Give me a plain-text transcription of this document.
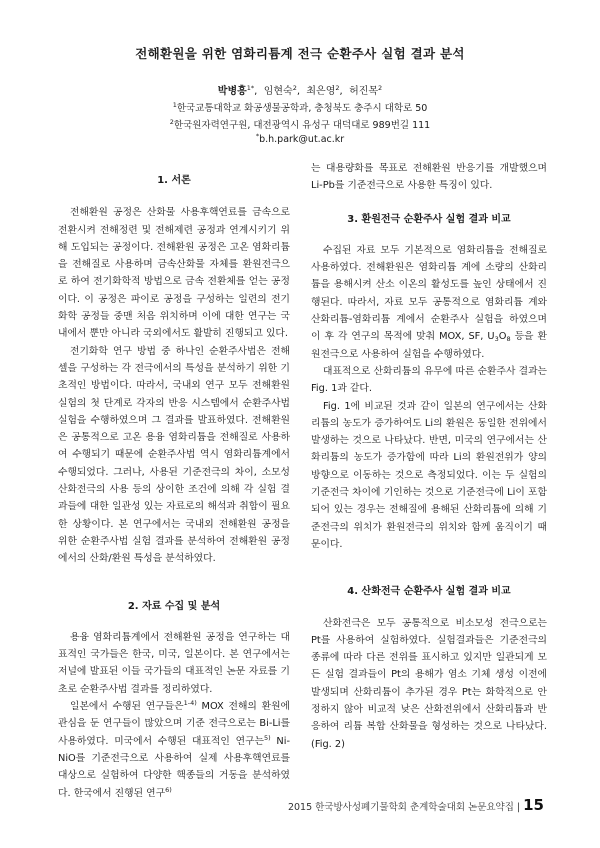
전해환원을 위한 염화리튬계 전극 순환주사 실험 결과 분석
박병흥$^{1*}$,  임현숙$^2$,  최은영$^2$,  허진목$^2$
$^1$한국교통대학교 화공생물공학과, 충청북도 충주시 대학로 50
$^2$한국원자력연구원, 대전광역시 유성구 대덕대로 989번길 111
*b.h.park@ut.ac.kr

1. 서론

전해환원 공정은 산화물 사용후핵연료를 금속으로 전환시켜 전해정련 및 전해제련 공정과 연계시키기 위해 도입되는 공정이다. 전해환원 공정은 고온 염화리튬을 전해질로 사용하며 금속산화물 자체를 환원전극으로 하여 전기화학적 방법으로 금속 전환체를 얻는 공정이다. 이 공정은 파이로 공정을 구성하는 일련의 전기화학 공정들 중맨 처음 위치하며 이에 대한 연구는 국내에서 뿐만 아니라 국외에서도 활발히 진행되고 있다.

전기화학 연구 방법 중 하나인 순환주사법은 전해 셀을 구성하는 각 전극에서의 특성을 분석하기 위한 기초적인 방법이다. 따라서, 국내외 연구 모두 전해환원 실험의 첫 단계로 각자의 반응 시스템에서 순환주사법 실험을 수행하였으며 그 결과를 발표하였다. 전해환원은 공통적으로 고온 용융 염화리튬을 전해질로 사용하여 수행되기 때문에 순환주사법 역시 염화리튬계에서 수행되었다. 그러나, 사용된 기준전극의 차이, 소모성 산화전극의 사용 등의 상이한 조건에 의해 각 실험 결과들에 대한 일관성 있는 자료로의 해석과 취합이 필요한 상황이다. 본 연구에서는 국내외 전해환원 공정을 위한 순환주사법 실험 결과를 분석하여 전해환원 공정에서의 산화/환원 특성을 분석하였다.

2. 자료 수집 및 분석

용융 염화리튬계에서 전해환원 공정을 연구하는 대표적인 국가들은 한국, 미국, 일본이다. 본 연구에서는 저널에 발표된 이들 국가들의 대표적인 논문 자료를 기초로 순환주사법 결과를 정리하였다.

일본에서 수행된 연구들은$^{1-4)}$ MOX 전해의 환원에 관심을 둔 연구들이 많았으며 기준 전극으로는 Bi-Li를 사용하였다. 미국에서 수행된 대표적인 연구는$^{5)}$ Ni-NiO를 기준전극으로 사용하여 실제 사용후핵연료를 대상으로 실험하여 다양한 핵종들의 거동을 분석하였다. 한국에서 진행된 연구$^{6)}$

는 대용량화를 목표로 전해환원 반응기를 개발했으며 Li-Pb를 기준전극으로 사용한 특징이 있다.

3. 환원전극 순환주사 실험 결과 비교

수집된 자료 모두 기본적으로 염화리튬을 전해질로 사용하였다. 전해환원은 염화리튬 계에 소량의 산화리튬을 용해시켜 산소 이온의 활성도를 높인 상태에서 진행된다. 따라서, 자료 모두 공통적으로 염화리튬 계와 산화리튬-염화리튬 계에서 순환주사 실험을 하였으며 이 후 각 연구의 목적에 맞춰 MOX, SF, $U_3O_8$ 등을 환원전극으로 사용하여 실험을 수행하였다.

대표적으로 산화리튬의 유무에 따른 순환주사 결과는 Fig. 1과 같다.

Fig. 1에 비교된 것과 같이 일본의 연구에서는 산화리튬의 농도가 증가하여도 Li의 환원은 동일한 전위에서 발생하는 것으로 나타났다. 반면, 미국의 연구에서는 산화리튬의 농도가 증가함에 따라 Li의 환원전위가 양의 방향으로 이동하는 것으로 측정되었다. 이는 두 실험의 기준전극 차이에 기인하는 것으로 기준전극에 Li이 포함되어 있는 경우는 전해질에 용해된 산화리튬에 의해 기준전극의 위치가 환원전극의 위치와 함께 움직이기 때문이다.

4. 산화전극 순환주사 실험 결과 비교

산화전극은 모두 공통적으로 비소모성 전극으로는 Pt를 사용하여 실험하였다. 실험결과들은 기준전극의 종류에 따라 다른 전위를 표시하고 있지만 일관되게 모든 실험 결과들이 Pt의 용해가 염소 기체 생성 이전에 발생되며 산화리튬이 추가된 경우 Pt는 화학적으로 안정하지 않아 비교적 낮은 산화전위에서 산화리튬과 반응하여 리튬 복합 산화물을 형성하는 것으로 나타났다. (Fig. 2)

2015 한국방사성폐기물학회 춘계학술대회 논문요약집 | 15
